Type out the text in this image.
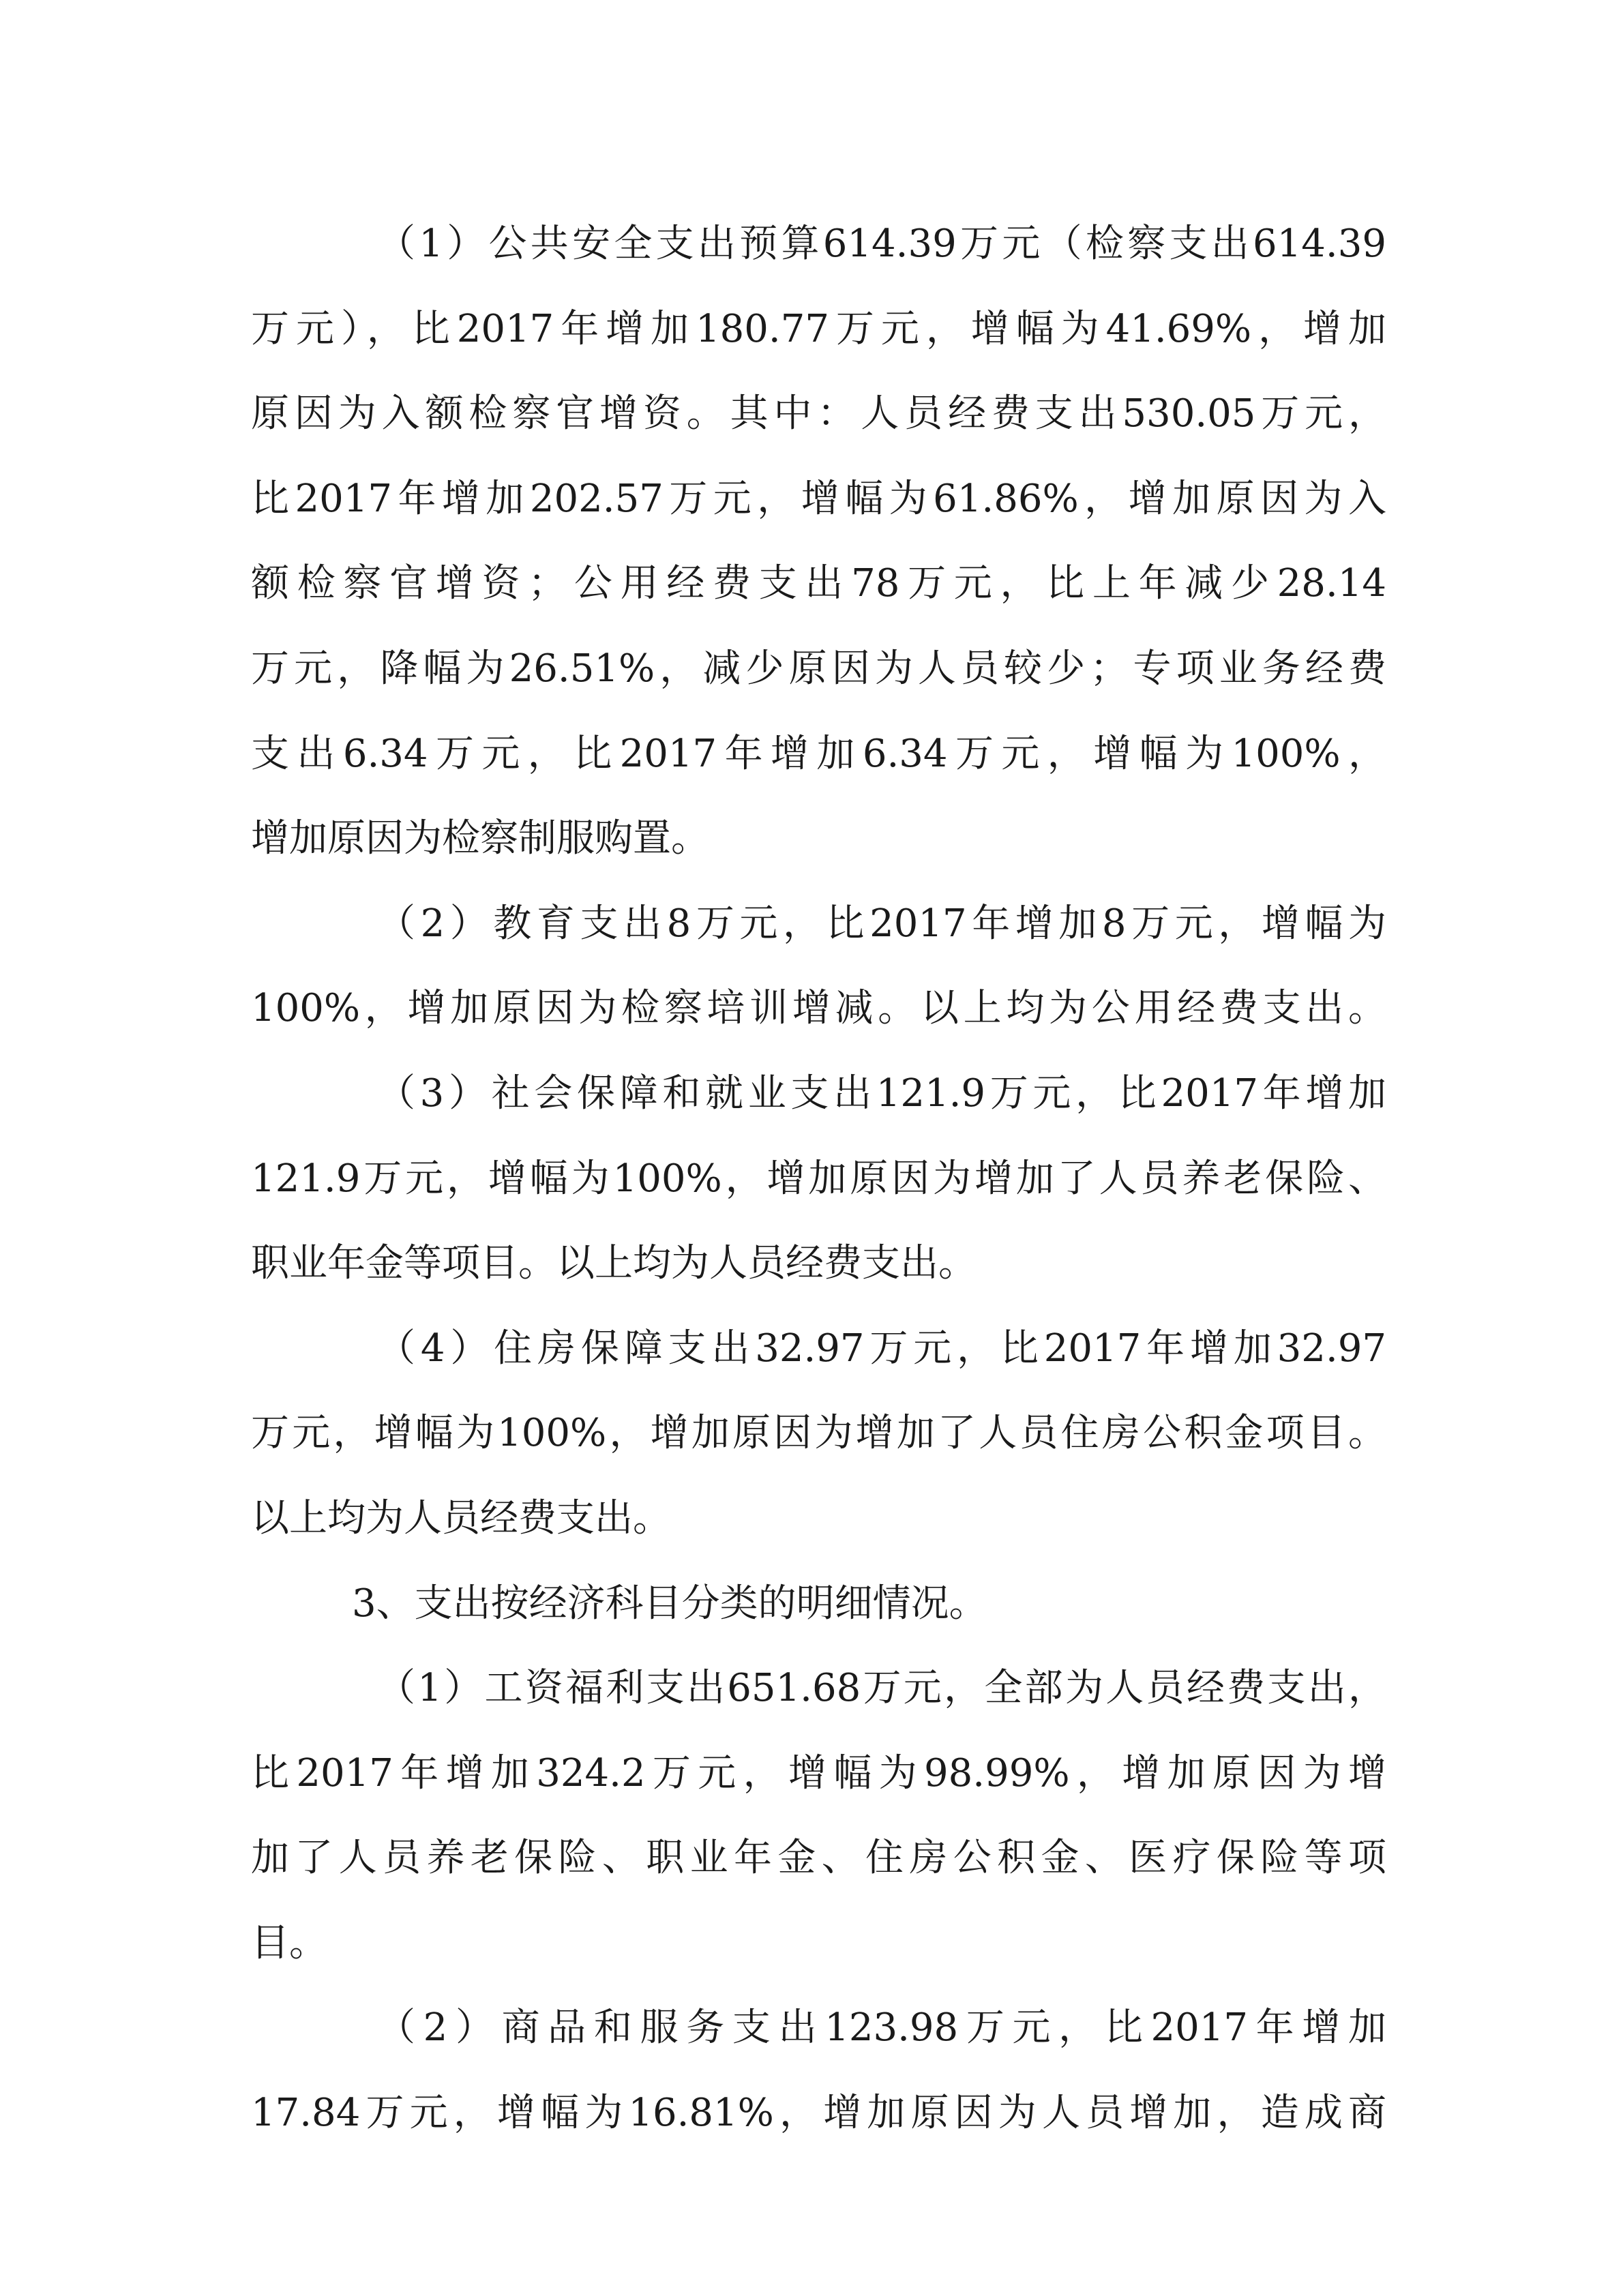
（1）公共安全支出预算614.39万元（检察支出614.39
万元），比2017年增加180.77万元，增幅为41.69%，增加
原因为入额检察官增资。其中：人员经费支出530.05万元，
比2017年增加202.57万元，增幅为61.86%，增加原因为入
额检察官增资；公用经费支出78万元，比上年减少28.14
万元，降幅为26.51%，减少原因为人员较少；专项业务经费
支出6.34万元，比2017年增加6.34万元，增幅为100%，
增加原因为检察制服购置。
（2）教育支出8万元，比2017年增加8万元，增幅为
100%，增加原因为检察培训增减。以上均为公用经费支出。
（3）社会保障和就业支出121.9万元，比2017年增加
121.9万元，增幅为100%，增加原因为增加了人员养老保险、
职业年金等项目。以上均为人员经费支出。
（4）住房保障支出32.97万元，比2017年增加32.97
万元，增幅为100%，增加原因为增加了人员住房公积金项目。
以上均为人员经费支出。
3、支出按经济科目分类的明细情况。
（1）工资福利支出651.68万元，全部为人员经费支出，
比2017年增加324.2万元，增幅为98.99%，增加原因为增
加了人员养老保险、职业年金、住房公积金、医疗保险等项
目。
（2）商品和服务支出123.98万元，比2017年增加
17.84万元，增幅为16.81%，增加原因为人员增加，造成商
